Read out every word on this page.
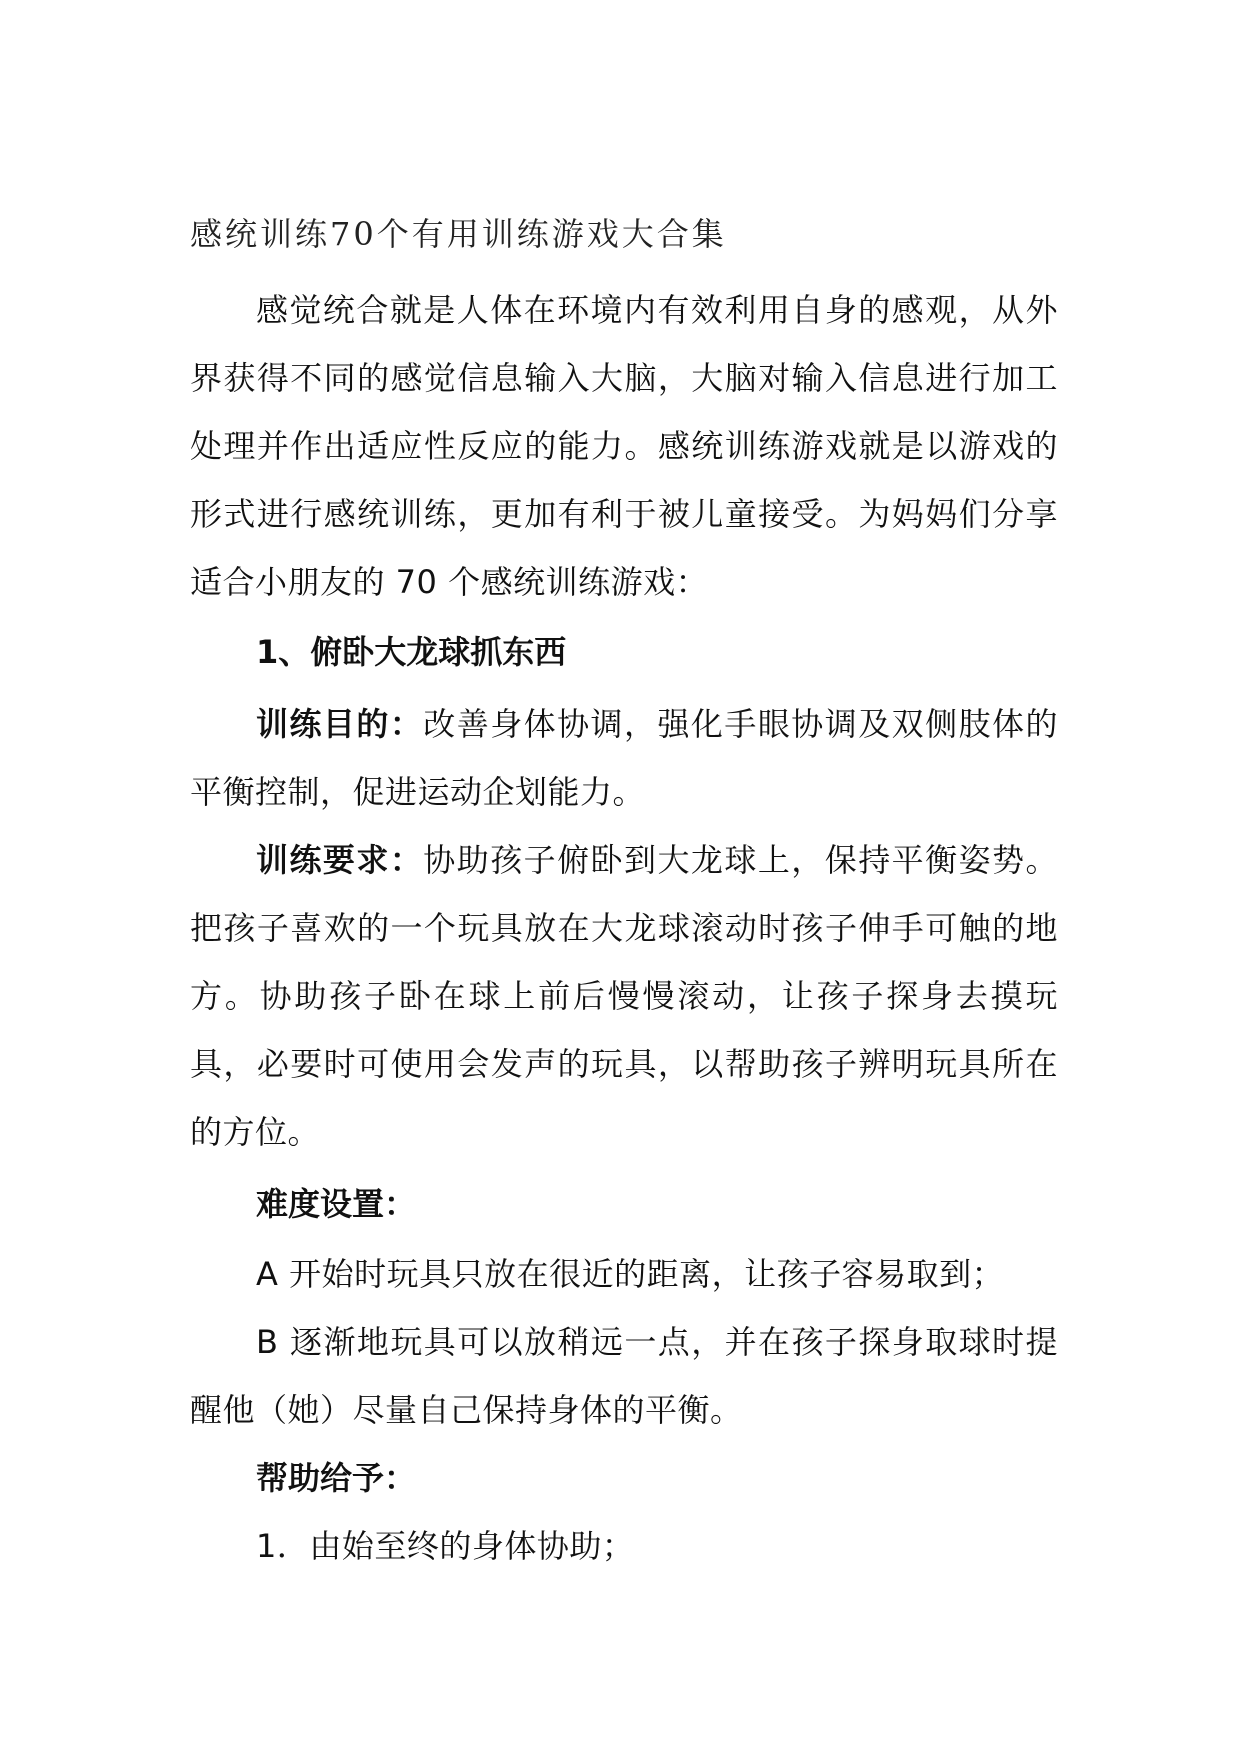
感统训练70个有用训练游戏大合集

感觉统合就是人体在环境内有效利用自身的感观，从外界获得不同的感觉信息输入大脑，大脑对输入信息进行加工处理并作出适应性反应的能力。感统训练游戏就是以游戏的形式进行感统训练，更加有利于被儿童接受。为妈妈们分享适合小朋友的 70 个感统训练游戏：

1、俯卧大龙球抓东西

训练目的：改善身体协调，强化手眼协调及双侧肢体的平衡控制，促进运动企划能力。

训练要求：协助孩子俯卧到大龙球上，保持平衡姿势。把孩子喜欢的一个玩具放在大龙球滚动时孩子伸手可触的地方。协助孩子卧在球上前后慢慢滚动，让孩子探身去摸玩具，必要时可使用会发声的玩具，以帮助孩子辨明玩具所在的方位。

难度设置：

A 开始时玩具只放在很近的距离，让孩子容易取到；

B 逐渐地玩具可以放稍远一点，并在孩子探身取球时提醒他（她）尽量自己保持身体的平衡。

帮助给予：

1．由始至终的身体协助；
